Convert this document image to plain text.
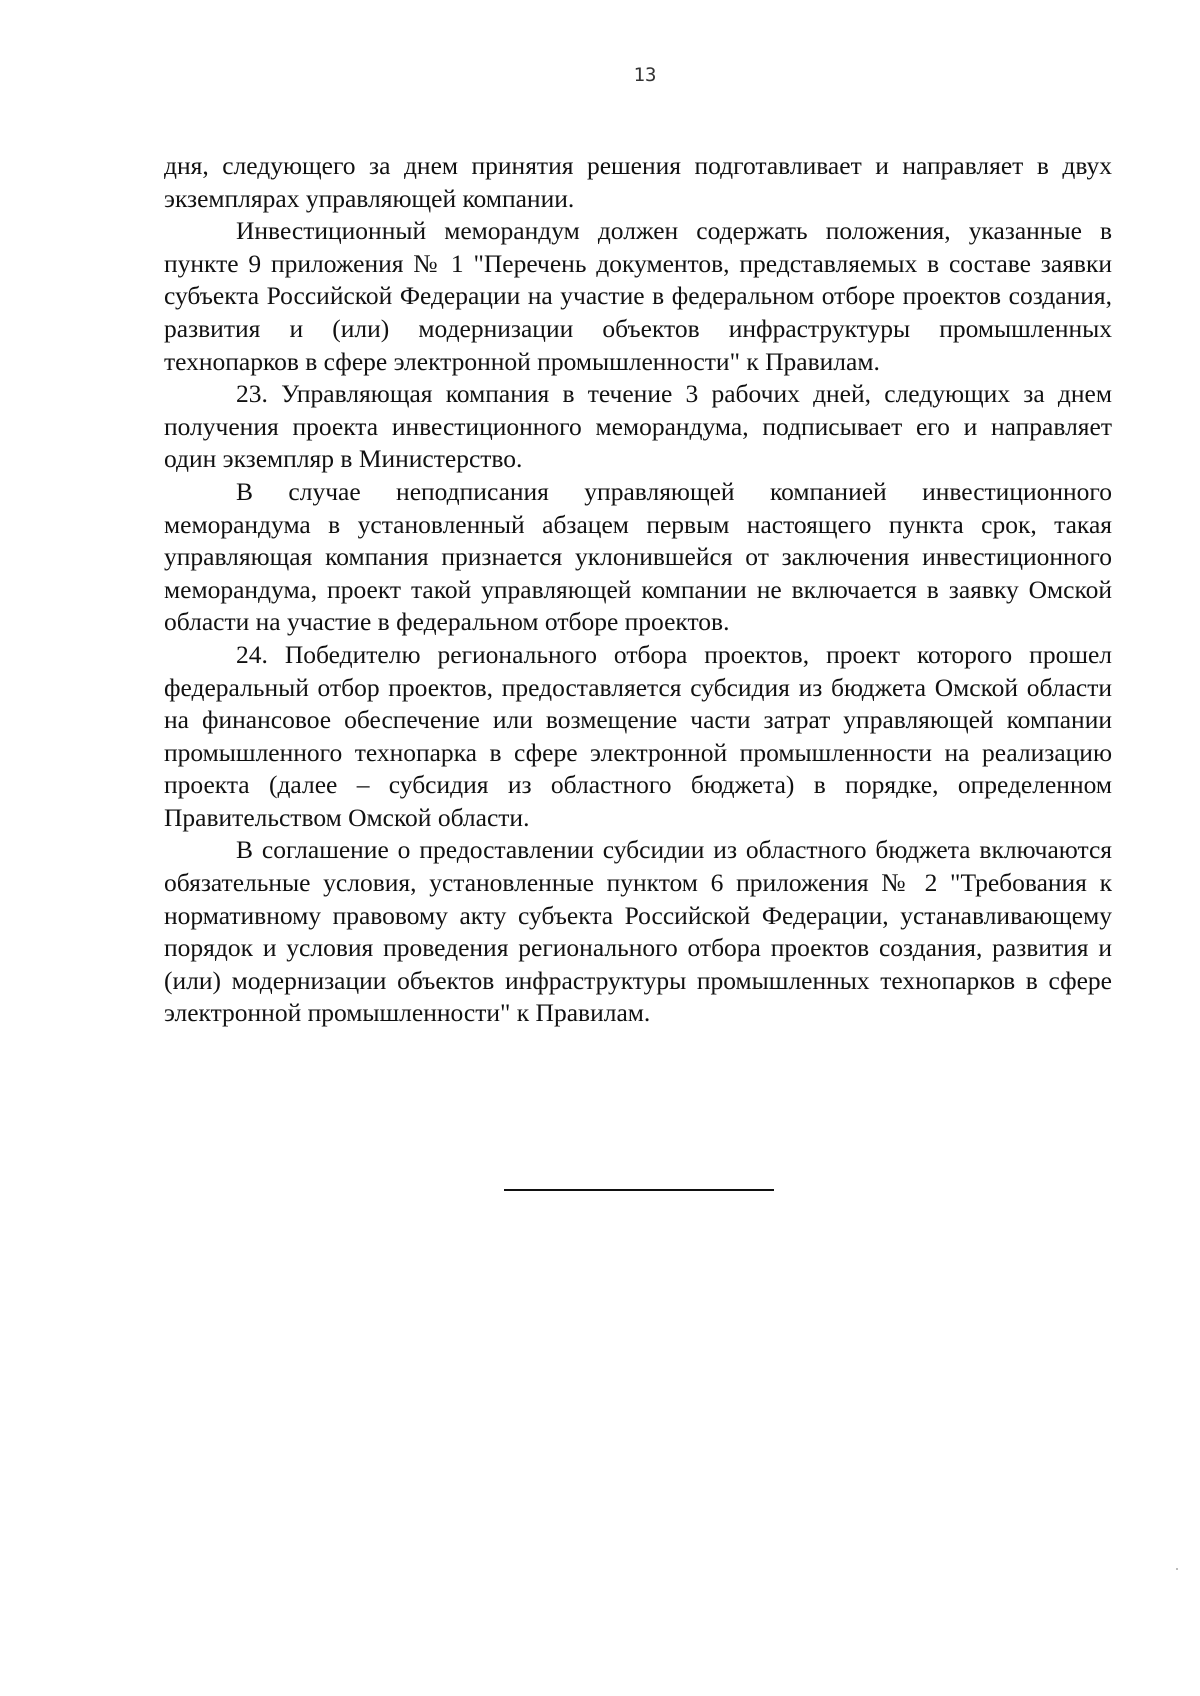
13

дня, следующего за днем принятия решения подготавливает и направляет в двух экземплярах управляющей компании.

Инвестиционный меморандум должен содержать положения, указанные в пункте 9 приложения № 1 "Перечень документов, представляемых в составе заявки субъекта Российской Федерации на участие в федеральном отборе проектов создания, развития и (или) модернизации объектов инфраструктуры промышленных технопарков в сфере электронной промышленности" к Правилам.

23. Управляющая компания в течение 3 рабочих дней, следующих за днем получения проекта инвестиционного меморандума, подписывает его и направляет один экземпляр в Министерство.

В случае неподписания управляющей компанией инвестиционного меморандума в установленный абзацем первым настоящего пункта срок, такая управляющая компания признается уклонившейся от заключения инвестиционного меморандума, проект такой управляющей компании не включается в заявку Омской области на участие в федеральном отборе проектов.

24. Победителю регионального отбора проектов, проект которого прошел федеральный отбор проектов, предоставляется субсидия из бюджета Омской области на финансовое обеспечение или возмещение части затрат управляющей компании промышленного технопарка в сфере электронной промышленности на реализацию проекта (далее – субсидия из областного бюджета) в порядке, определенном Правительством Омской области.

В соглашение о предоставлении субсидии из областного бюджета включаются обязательные условия, установленные пунктом 6 приложения № 2 "Требования к нормативному правовому акту субъекта Российской Федерации, устанавливающему порядок и условия проведения регионального отбора проектов создания, развития и (или) модернизации объектов инфраструктуры промышленных технопарков в сфере электронной промышленности" к Правилам.
